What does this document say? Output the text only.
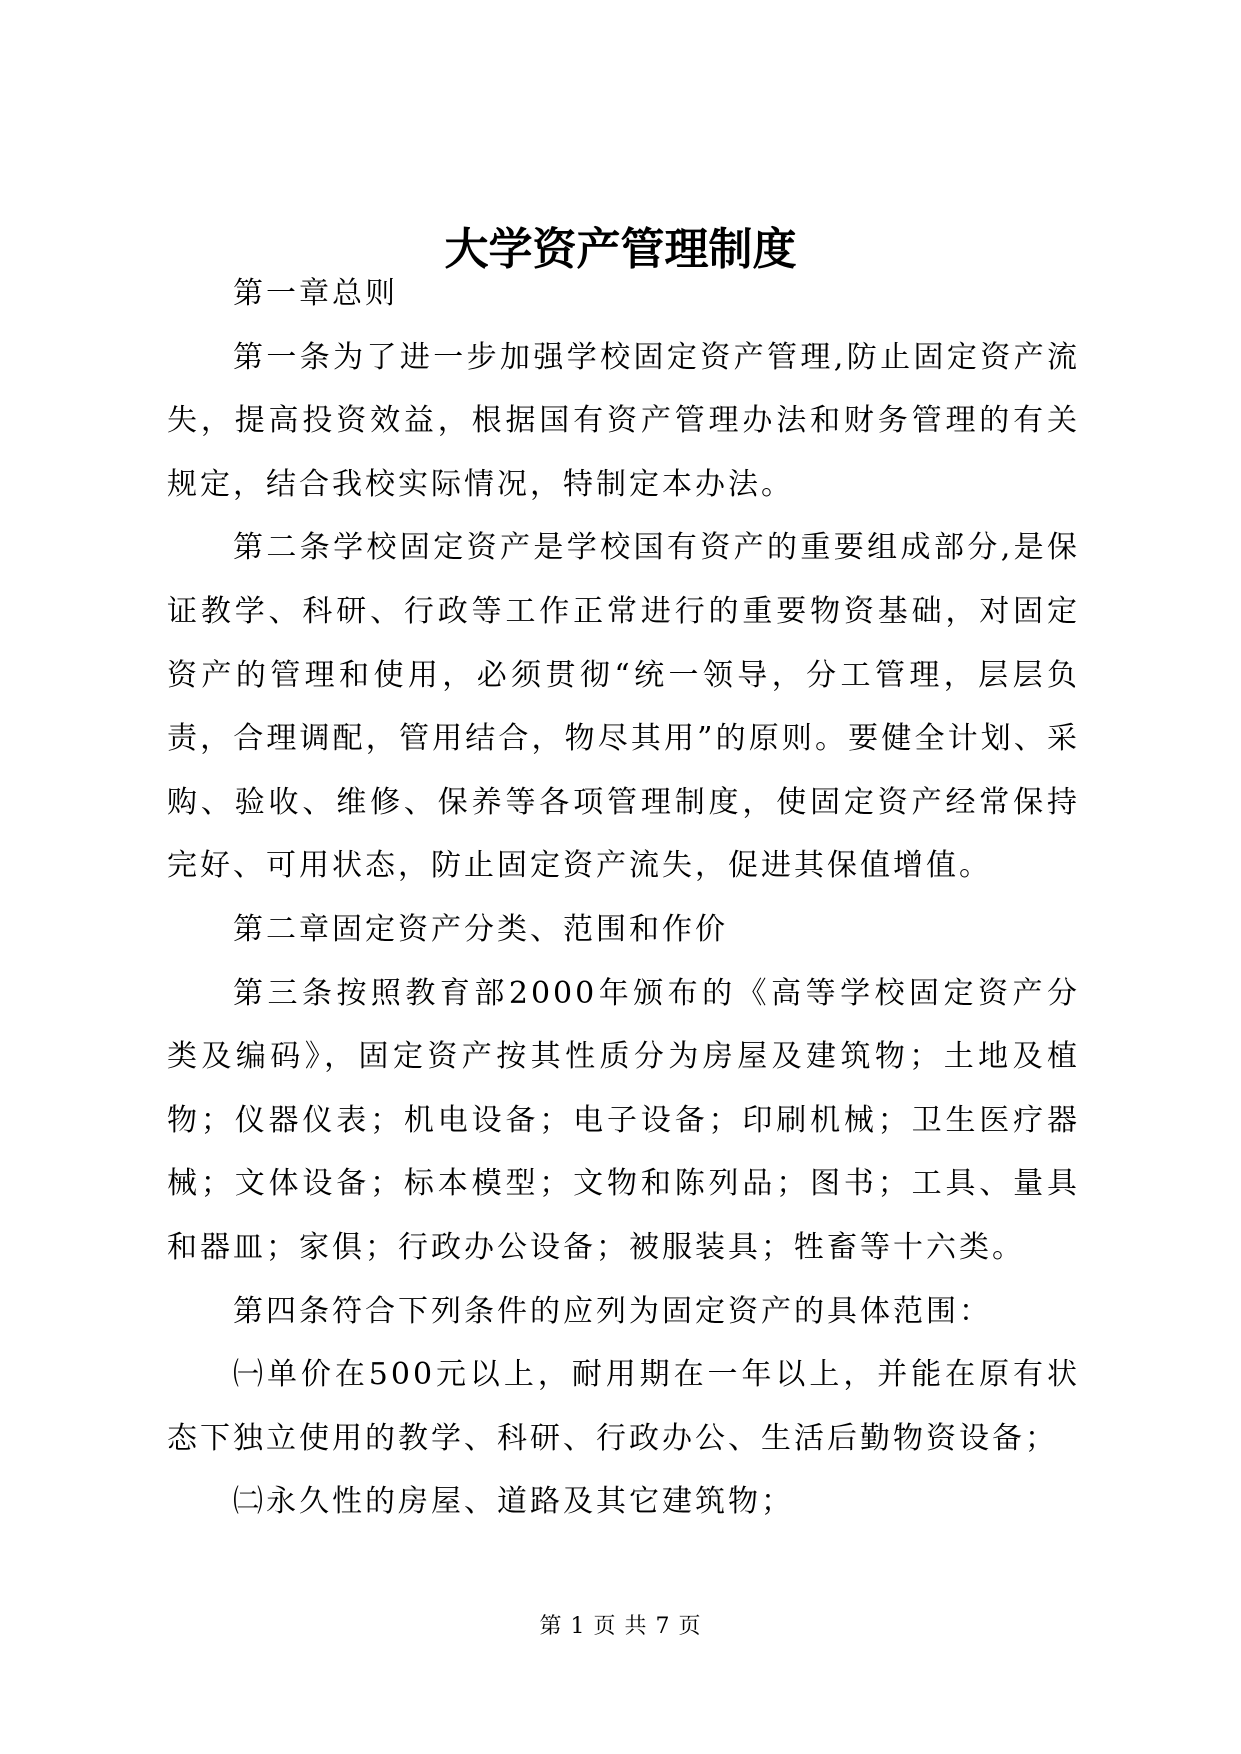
大学资产管理制度

第一章总则

第一条为了进一步加强学校固定资产管理,防止固定资产流失，提高投资效益，根据国有资产管理办法和财务管理的有关规定，结合我校实际情况，特制定本办法。

第二条学校固定资产是学校国有资产的重要组成部分,是保证教学、科研、行政等工作正常进行的重要物资基础，对固定资产的管理和使用，必须贯彻“统一领导，分工管理，层层负责，合理调配，管用结合，物尽其用”的原则。要健全计划、采购、验收、维修、保养等各项管理制度，使固定资产经常保持完好、可用状态，防止固定资产流失，促进其保值增值。

第二章固定资产分类、范围和作价

第三条按照教育部2000年颁布的《高等学校固定资产分类及编码》，固定资产按其性质分为房屋及建筑物；土地及植物；仪器仪表；机电设备；电子设备；印刷机械；卫生医疗器械；文体设备；标本模型；文物和陈列品；图书；工具、量具和器皿；家俱；行政办公设备；被服装具；牲畜等十六类。

第四条符合下列条件的应列为固定资产的具体范围：

㈠单价在500元以上，耐用期在一年以上，并能在原有状态下独立使用的教学、科研、行政办公、生活后勤物资设备；

㈡永久性的房屋、道路及其它建筑物；

第 1 页 共 7 页
